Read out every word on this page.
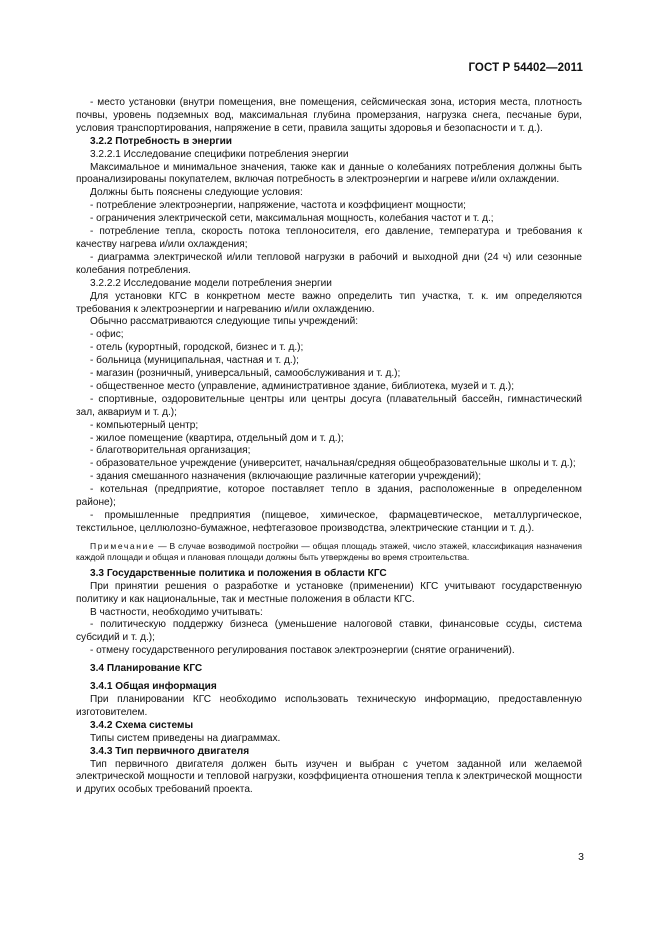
ГОСТ Р 54402—2011

- место установки (внутри помещения, вне помещения, сейсмическая зона, история места, плотность почвы, уровень подземных вод, максимальная глубина промерзания, нагрузка снега, песчаные бури, условия транспортирования, напряжение в сети, правила защиты здоровья и безопасности и т. д.).

3.2.2 Потребность в энергии

3.2.2.1 Исследование специфики потребления энергии

Максимальное и минимальное значения, также как и данные о колебаниях потребления должны быть проанализированы покупателем, включая потребность в электроэнергии и нагреве и/или охлаждении.

Должны быть пояснены следующие условия:

- потребление электроэнергии, напряжение, частота и коэффициент мощности;

- ограничения электрической сети, максимальная мощность, колебания частот и т. д.;

- потребление тепла, скорость потока теплоносителя, его давление, температура и требования к качеству нагрева и/или охлаждения;

- диаграмма электрической и/или тепловой нагрузки в рабочий и выходной дни (24 ч) или сезонные колебания потребления.

3.2.2.2 Исследование модели потребления энергии

Для установки КГС в конкретном месте важно определить тип участка, т. к. им определяются требования к электроэнергии и нагреванию и/или охлаждению.

Обычно рассматриваются следующие типы учреждений:

- офис;

- отель (курортный, городской, бизнес и т. д.);

- больница (муниципальная, частная и т. д.);

- магазин (розничный, универсальный, самообслуживания и т. д.);

- общественное место (управление, административное здание, библиотека, музей и т. д.);

- спортивные, оздоровительные центры или центры досуга (плавательный бассейн, гимнастический зал, аквариум и т. д.);

- компьютерный центр;

- жилое помещение (квартира, отдельный дом и т. д.);

- благотворительная организация;

- образовательное учреждение (университет, начальная/средняя общеобразовательные школы и т. д.);

- здания смешанного назначения (включающие различные категории учреждений);

- котельная (предприятие, которое поставляет тепло в здания, расположенные в определенном районе);

- промышленные предприятия (пищевое, химическое, фармацевтическое, металлургическое, текстильное, целлюлозно-бумажное, нефтегазовое производства, электрические станции и т. д.).

Примечание — В случае возводимой постройки — общая площадь этажей, число этажей, классификация назначения каждой площади и общая и плановая площади должны быть утверждены во время строительства.

3.3 Государственные политика и положения в области КГС

При принятии решения о разработке и установке (применении) КГС учитывают государственную политику и как национальные, так и местные положения в области КГС.

В частности, необходимо учитывать:

- политическую поддержку бизнеса (уменьшение налоговой ставки, финансовые ссуды, система субсидий и т. д.);

- отмену государственного регулирования поставок электроэнергии (снятие ограничений).

3.4 Планирование КГС

3.4.1 Общая информация

При планировании КГС необходимо использовать техническую информацию, предоставленную изготовителем.

3.4.2 Схема системы

Типы систем приведены на диаграммах.

3.4.3 Тип первичного двигателя

Тип первичного двигателя должен быть изучен и выбран с учетом заданной или желаемой электрической мощности и тепловой нагрузки, коэффициента отношения тепла к электрической мощности и других особых требований проекта.

3
